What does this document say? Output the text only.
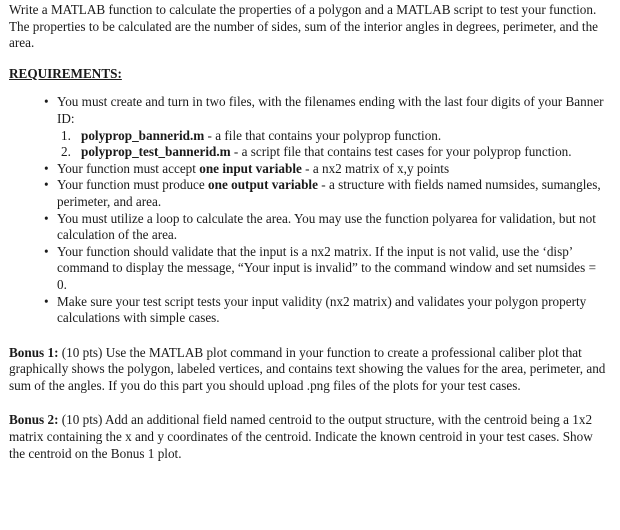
Write a MATLAB function to calculate the properties of a polygon and a MATLAB script to test your function. The properties to be calculated are the number of sides, sum of the interior angles in degrees, perimeter, and the area.

REQUIREMENTS:

• You must create and turn in two files, with the filenames ending with the last four digits of your Banner ID:
1. polyprop_bannerid.m - a file that contains your polyprop function.
2. polyprop_test_bannerid.m - a script file that contains test cases for your polyprop function.
• Your function must accept one input variable - a nx2 matrix of x,y points
• Your function must produce one output variable - a structure with fields named numsides, sumangles, perimeter, and area.
• You must utilize a loop to calculate the area. You may use the function polyarea for validation, but not calculation of the area.
• Your function should validate that the input is a nx2 matrix. If the input is not valid, use the ‘disp’ command to display the message, “Your input is invalid” to the command window and set numsides = 0.
• Make sure your test script tests your input validity (nx2 matrix) and validates your polygon property calculations with simple cases.

Bonus 1: (10 pts) Use the MATLAB plot command in your function to create a professional caliber plot that graphically shows the polygon, labeled vertices, and contains text showing the values for the area, perimeter, and sum of the angles. If you do this part you should upload .png files of the plots for your test cases.

Bonus 2: (10 pts) Add an additional field named centroid to the output structure, with the centroid being a 1x2 matrix containing the x and y coordinates of the centroid. Indicate the known centroid in your test cases. Show the centroid on the Bonus 1 plot.
